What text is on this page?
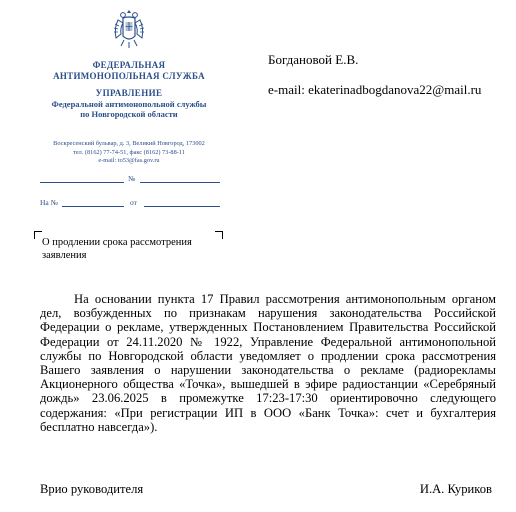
ФЕДЕРАЛЬНАЯ
АНТИМОНОПОЛЬНАЯ СЛУЖБА
УПРАВЛЕНИЕ
Федеральной антимонопольной службы
по Новгородской области
Воскресенский бульвар, д. 3, Великий Новгород, 173002
тел. (8162) 77-74-51, факс (8162) 73-88-11
e-mail: to53@fas.gov.ru
№
На №	от
Богдановой Е.В.
e-mail: ekaterinadbogdanova22@mail.ru
О продлении срока рассмотрения заявления

На основании пункта 17 Правил рассмотрения антимонопольным органом дел, возбужденных по признакам нарушения законодательства Российской Федерации о рекламе, утвержденных Постановлением Правительства Российской Федерации от 24.11.2020 № 1922, Управление Федеральной антимонопольной службы по Новгородской области уведомляет о продлении срока рассмотрения Вашего заявления о нарушении законодательства о рекламе (радиорекламы Акционерного общества «Точка», вышедшей в эфире радиостанции «Серебряный дождь» 23.06.2025 в промежутке 17:23-17:30 ориентировочно следующего содержания: «При регистрации ИП в ООО «Банк Точка»: счет и бухгалтерия бесплатно навсегда»).

Врио руководителя	И.А. Куриков
